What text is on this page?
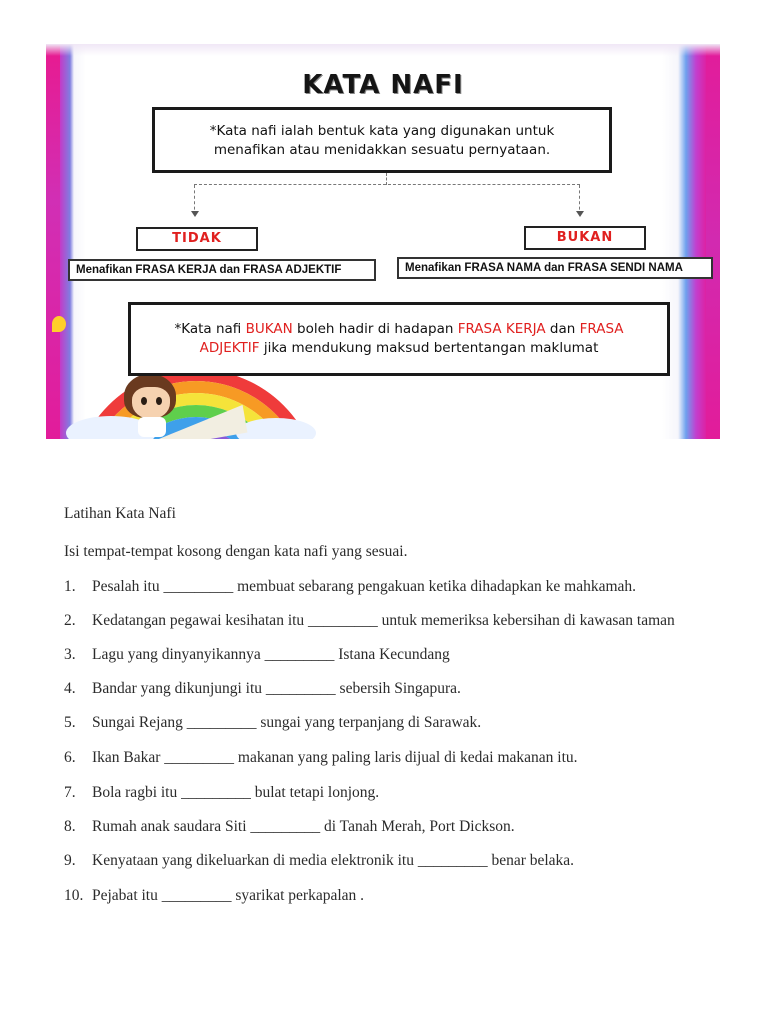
KATA NAFI
*Kata nafi ialah bentuk kata yang digunakan untuk menafikan atau menidakkan sesuatu pernyataan.
TIDAK	BUKAN
Menafikan FRASA KERJA dan FRASA ADJEKTIF	Menafikan FRASA NAMA dan FRASA SENDI NAMA
*Kata nafi BUKAN boleh hadir di hadapan FRASA KERJA dan FRASA ADJEKTIF jika mendukung maksud bertentangan maklumat
Latihan Kata Nafi
Isi tempat-tempat kosong dengan kata nafi yang sesuai.
1. Pesalah itu _________ membuat sebarang pengakuan ketika dihadapkan ke mahkamah.
2. Kedatangan pegawai kesihatan itu _________ untuk memeriksa kebersihan di kawasan taman
3. Lagu yang dinyanyikannya _________ Istana Kecundang
4. Bandar yang dikunjungi itu _________ sebersih Singapura.
5. Sungai Rejang _________ sungai yang terpanjang di Sarawak.
6. Ikan Bakar _________ makanan yang paling laris dijual di kedai makanan itu.
7. Bola ragbi itu _________ bulat tetapi lonjong.
8. Rumah anak saudara Siti _________ di Tanah Merah, Port Dickson.
9. Kenyataan yang dikeluarkan di media elektronik itu _________ benar belaka.
10. Pejabat itu _________ syarikat perkapalan .
